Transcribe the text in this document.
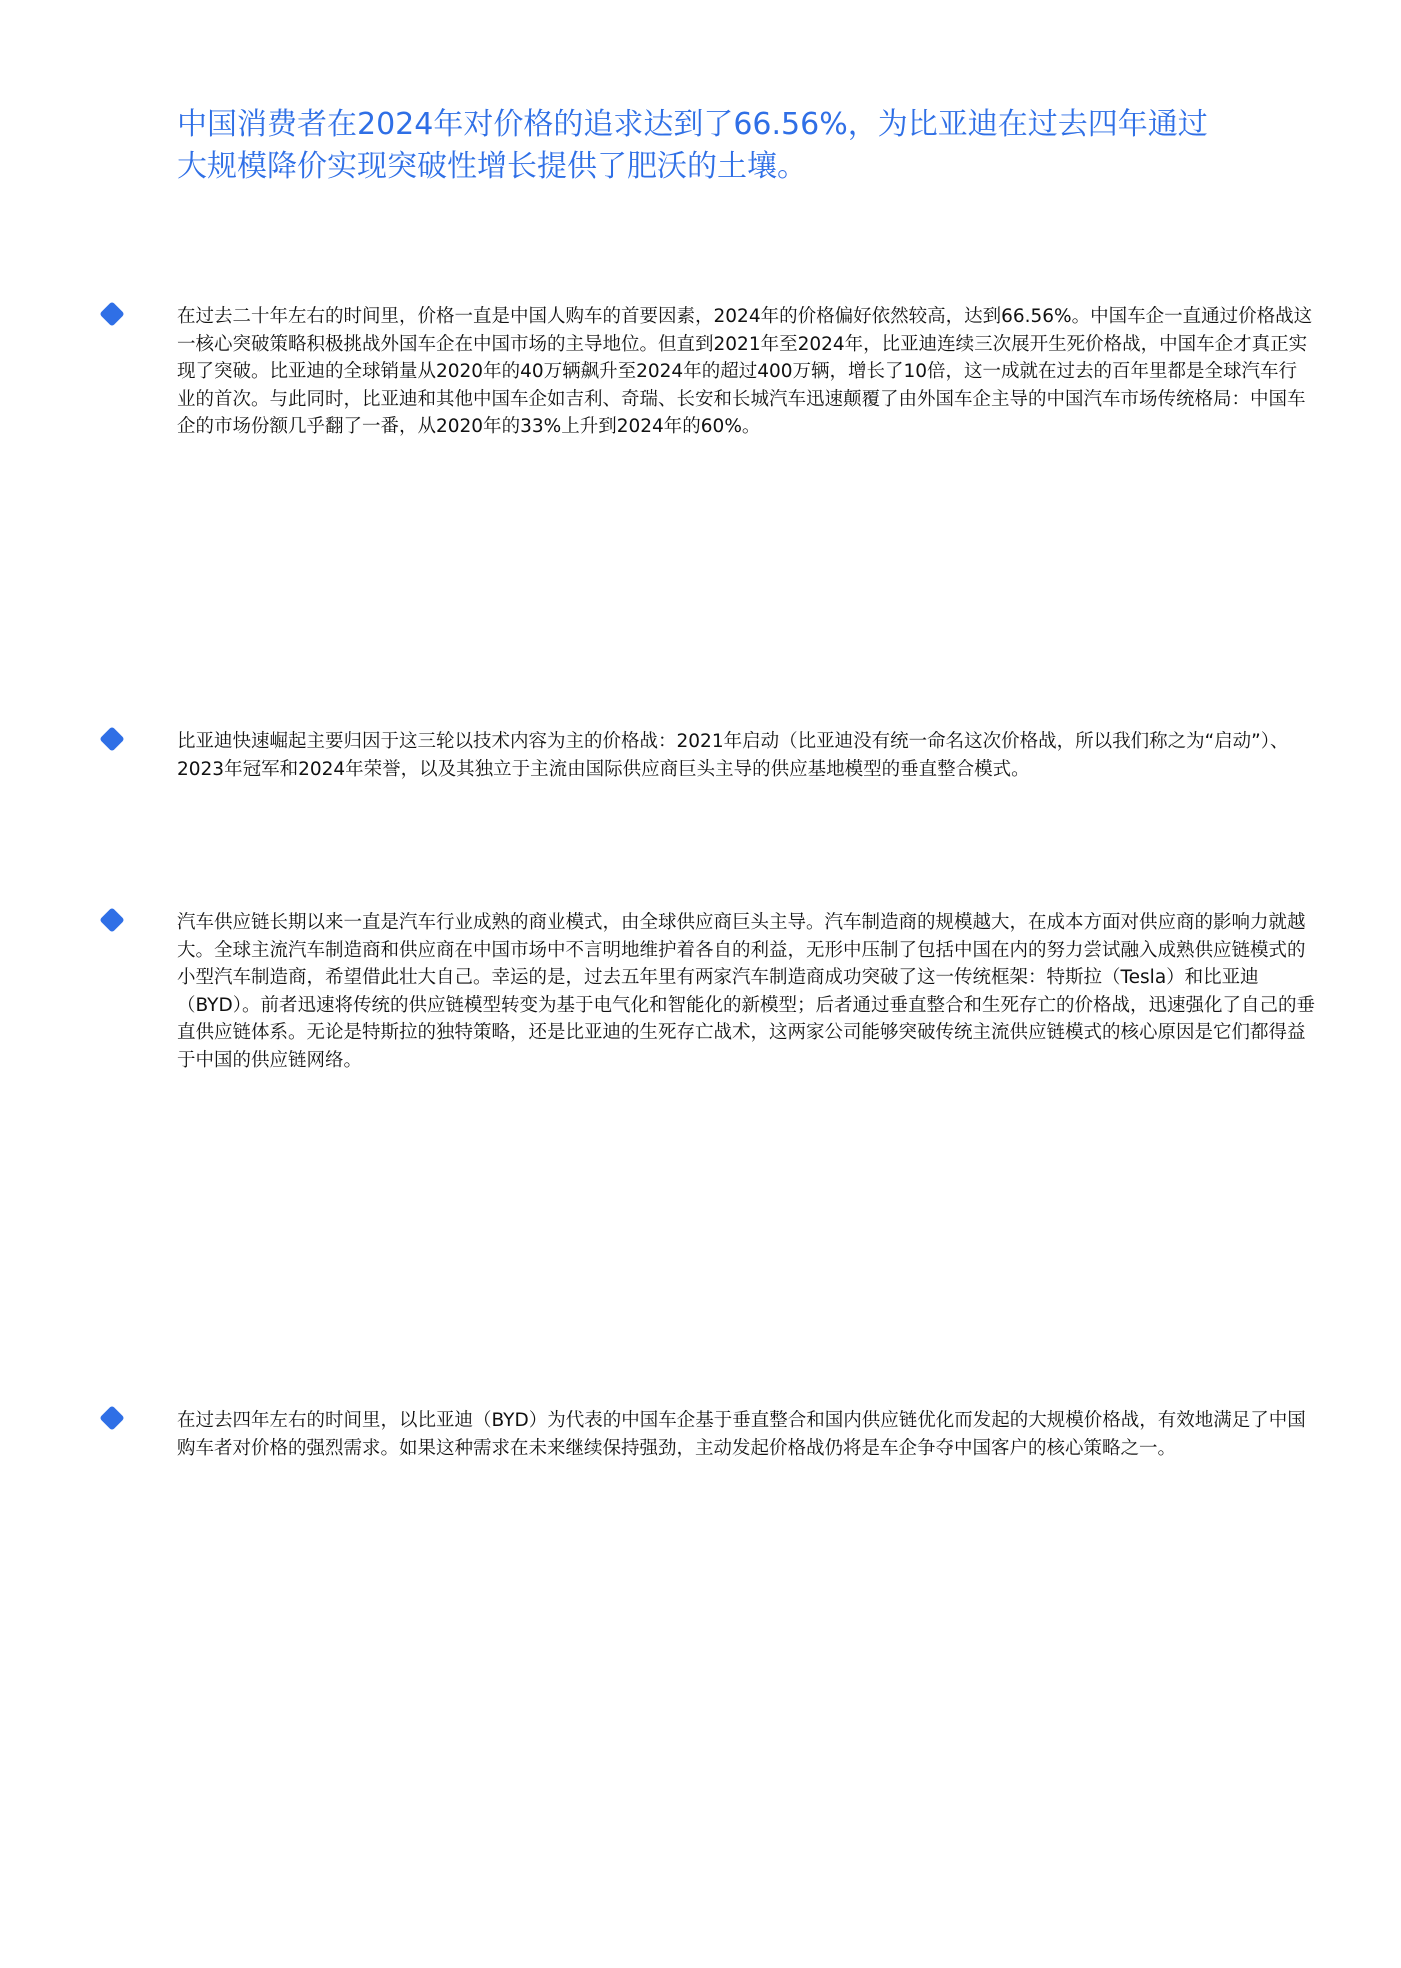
中国消费者在2024年对价格的追求达到了66.56%，为比亚迪在过去四年通过大规模降价实现突破性增长提供了肥沃的土壤。

在过去二十年左右的时间里，价格一直是中国人购车的首要因素，2024年的价格偏好依然较高，达到66.56%。中国车企一直通过价格战这一核心突破策略积极挑战外国车企在中国市场的主导地位。但直到2021年至2024年，比亚迪连续三次展开生死价格战，中国车企才真正实现了突破。比亚迪的全球销量从2020年的40万辆飙升至2024年的超过400万辆，增长了10倍，这一成就在过去的百年里都是全球汽车行业的首次。与此同时，比亚迪和其他中国车企如吉利、奇瑞、长安和长城汽车迅速颠覆了由外国车企主导的中国汽车市场传统格局：中国车企的市场份额几乎翻了一番，从2020年的33%上升到2024年的60%。

比亚迪快速崛起主要归因于这三轮以技术内容为主的价格战：2021年启动（比亚迪没有统一命名这次价格战，所以我们称之为“启动”）、2023年冠军和2024年荣誉，以及其独立于主流由国际供应商巨头主导的供应基地模型的垂直整合模式。

汽车供应链长期以来一直是汽车行业成熟的商业模式，由全球供应商巨头主导。汽车制造商的规模越大，在成本方面对供应商的影响力就越大。全球主流汽车制造商和供应商在中国市场中不言明地维护着各自的利益，无形中压制了包括中国在内的努力尝试融入成熟供应链模式的小型汽车制造商，希望借此壮大自己。幸运的是，过去五年里有两家汽车制造商成功突破了这一传统框架：特斯拉（Tesla）和比亚迪（BYD）。前者迅速将传统的供应链模型转变为基于电气化和智能化的新模型；后者通过垂直整合和生死存亡的价格战，迅速强化了自己的垂直供应链体系。无论是特斯拉的独特策略，还是比亚迪的生死存亡战术，这两家公司能够突破传统主流供应链模式的核心原因是它们都得益于中国的供应链网络。

在过去四年左右的时间里，以比亚迪（BYD）为代表的中国车企基于垂直整合和国内供应链优化而发起的大规模价格战，有效地满足了中国购车者对价格的强烈需求。如果这种需求在未来继续保持强劲，主动发起价格战仍将是车企争夺中国客户的核心策略之一。
